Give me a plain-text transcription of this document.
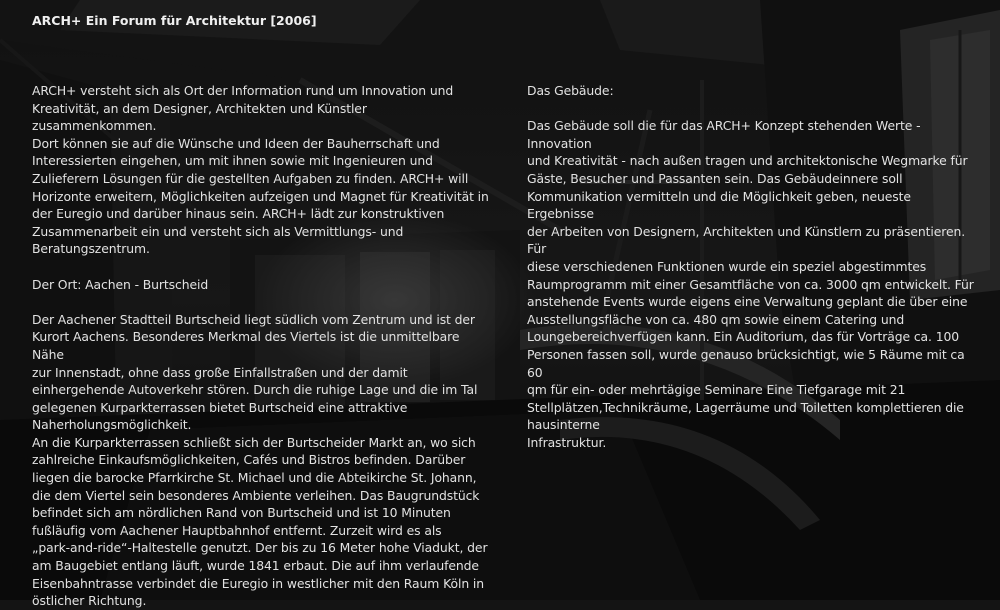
ARCH+ Ein Forum für Architektur [2006]

ARCH+ versteht sich als Ort der Information rund um Innovation und
Kreativität, an dem Designer, Architekten und Künstler zusammenkommen.
Dort können sie auf die Wünsche und Ideen der Bauherrschaft und
Interessierten eingehen, um mit ihnen sowie mit Ingenieuren und
Zulieferern Lösungen für die gestellten Aufgaben zu finden. ARCH+ will
Horizonte erweitern, Möglichkeiten aufzeigen und Magnet für Kreativität in
der Euregio und darüber hinaus sein. ARCH+ lädt zur konstruktiven
Zusammenarbeit ein und versteht sich als Vermittlungs- und
Beratungszentrum.

Der Ort: Aachen - Burtscheid

Der Aachener Stadtteil Burtscheid liegt südlich vom Zentrum und ist der
Kurort Aachens. Besonderes Merkmal des Viertels ist die unmittelbare Nähe
zur Innenstadt, ohne dass große Einfallstraßen und der damit
einhergehende Autoverkehr stören. Durch die ruhige Lage und die im Tal
gelegenen Kurparkterrassen bietet Burtscheid eine attraktive
Naherholungsmöglichkeit.

An die Kurparkterrassen schließt sich der Burtscheider Markt an, wo sich
zahlreiche Einkaufsmöglichkeiten, Cafés und Bistros befinden. Darüber
liegen die barocke Pfarrkirche St. Michael und die Abteikirche St. Johann,
die dem Viertel sein besonderes Ambiente verleihen. Das Baugrundstück
befindet sich am nördlichen Rand von Burtscheid und ist 10 Minuten
fußläufig vom Aachener Hauptbahnhof entfernt. Zurzeit wird es als
„park-and-ride“-Haltestelle genutzt. Der bis zu 16 Meter hohe Viadukt, der
am Baugebiet entlang läuft, wurde 1841 erbaut. Die auf ihm verlaufende
Eisenbahntrasse verbindet die Euregio in westlicher mit den Raum Köln in
östlicher Richtung.

Das Gebäude:

Das Gebäude soll die für das ARCH+ Konzept stehenden Werte - Innovation
und Kreativität - nach außen tragen und architektonische Wegmarke für
Gäste, Besucher und Passanten sein. Das Gebäudeinnere soll
Kommunikation vermitteln und die Möglichkeit geben, neueste Ergebnisse
der Arbeiten von Designern, Architekten und Künstlern zu präsentieren. Für
diese verschiedenen Funktionen wurde ein speziel abgestimmtes
Raumprogramm mit einer Gesamtfläche von ca. 3000 qm entwickelt. Für
anstehende Events wurde eigens eine Verwaltung geplant die über eine
Ausstellungsfläche von ca. 480 qm sowie einem Catering und
Loungebereichverfügen kann. Ein Auditorium, das für Vorträge ca. 100
Personen fassen soll, wurde genauso brücksichtigt, wie 5 Räume mit ca 60
qm für ein- oder mehrtägige Seminare Eine Tiefgarage mit 21
Stellplätzen,Technikräume, Lagerräume und Toiletten komplettieren die
hausinterne
Infrastruktur.
